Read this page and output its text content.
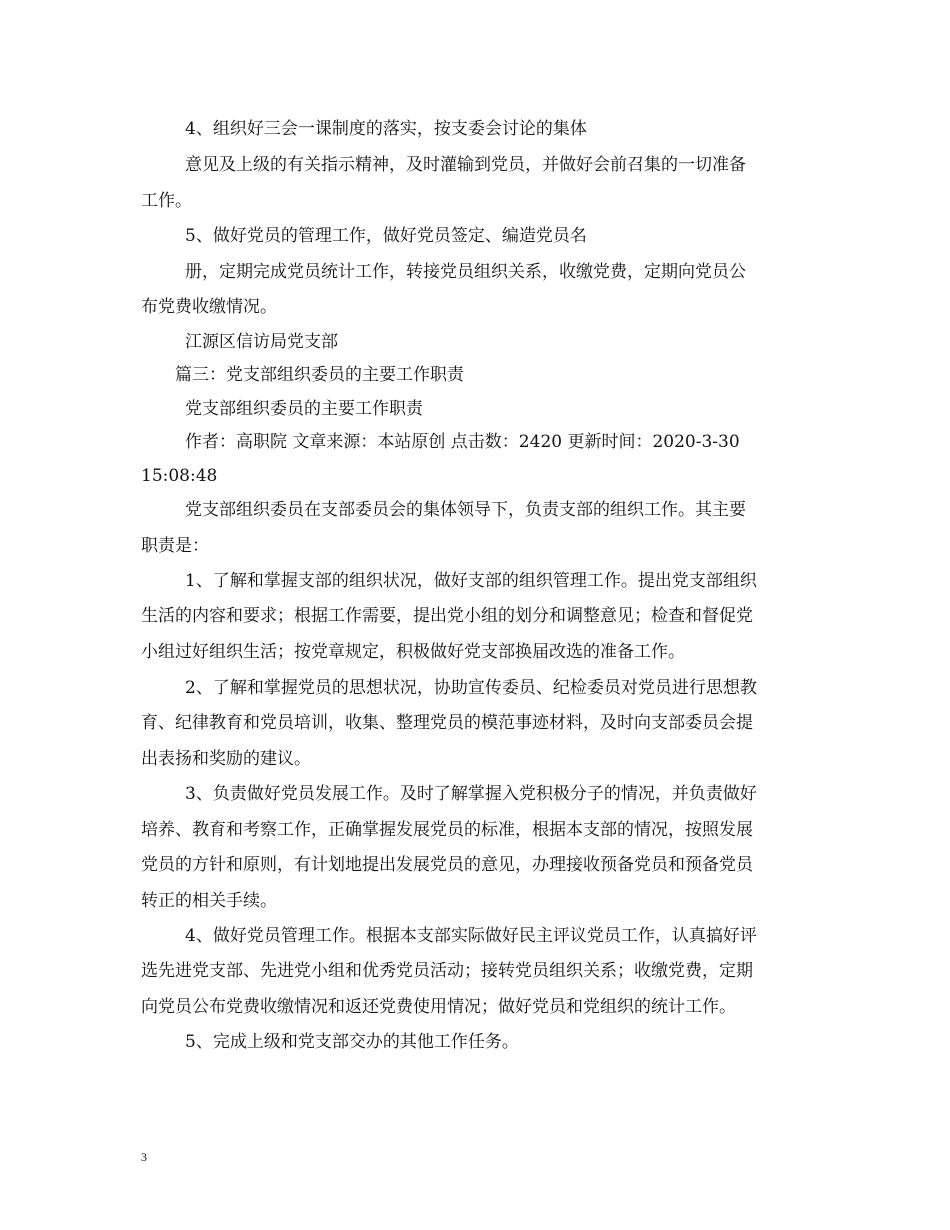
4、组织好三会一课制度的落实，按支委会讨论的集体
意见及上级的有关指示精神，及时灌输到党员，并做好会前召集的一切准备
工作。
5、做好党员的管理工作，做好党员签定、编造党员名
册，定期完成党员统计工作，转接党员组织关系，收缴党费，定期向党员公
布党费收缴情况。
江源区信访局党支部
篇三：党支部组织委员的主要工作职责
党支部组织委员的主要工作职责
作者：高职院 文章来源：本站原创 点击数：2420 更新时间：2020-3-30
15:08:48
党支部组织委员在支部委员会的集体领导下，负责支部的组织工作。其主要
职责是：
1、了解和掌握支部的组织状况，做好支部的组织管理工作。提出党支部组织
生活的内容和要求；根据工作需要，提出党小组的划分和调整意见；检查和督促党
小组过好组织生活；按党章规定，积极做好党支部换届改选的准备工作。
2、了解和掌握党员的思想状况，协助宣传委员、纪检委员对党员进行思想教
育、纪律教育和党员培训，收集、整理党员的模范事迹材料，及时向支部委员会提
出表扬和奖励的建议。
3、负责做好党员发展工作。及时了解掌握入党积极分子的情况，并负责做好
培养、教育和考察工作，正确掌握发展党员的标准，根据本支部的情况，按照发展
党员的方针和原则，有计划地提出发展党员的意见，办理接收预备党员和预备党员
转正的相关手续。
4、做好党员管理工作。根据本支部实际做好民主评议党员工作，认真搞好评
选先进党支部、先进党小组和优秀党员活动；接转党员组织关系；收缴党费，定期
向党员公布党费收缴情况和返还党费使用情况；做好党员和党组织的统计工作。
5、完成上级和党支部交办的其他工作任务。
3
